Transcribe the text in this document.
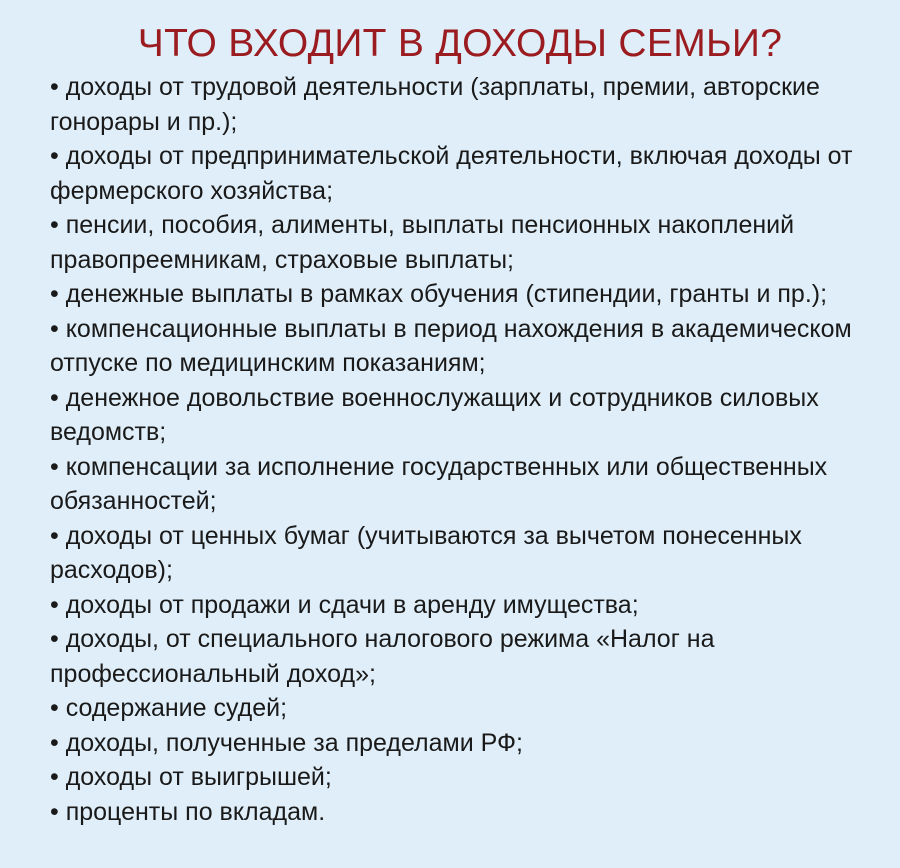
ЧТО ВХОДИТ В ДОХОДЫ СЕМЬИ?
• доходы от трудовой деятельности (зарплаты, премии, авторские гонорары и пр.);
• доходы от предпринимательской деятельности, включая доходы от фермерского хозяйства;
• пенсии, пособия, алименты, выплаты пенсионных накоплений правопреемникам, страховые выплаты;
• денежные выплаты в рамках обучения (стипендии, гранты и пр.);
• компенсационные выплаты в период нахождения в академическом отпуске по медицинским показаниям;
• денежное довольствие военнослужащих и сотрудников силовых ведомств;
• компенсации за исполнение государственных или общественных обязанностей;
• доходы от ценных бумаг (учитываются за вычетом понесенных расходов);
• доходы от продажи и сдачи в аренду имущества;
• доходы, от специального налогового режима «Налог на профессиональный доход»;
• содержание судей;
• доходы, полученные за пределами РФ;
• доходы от выигрышей;
• проценты по вкладам.
